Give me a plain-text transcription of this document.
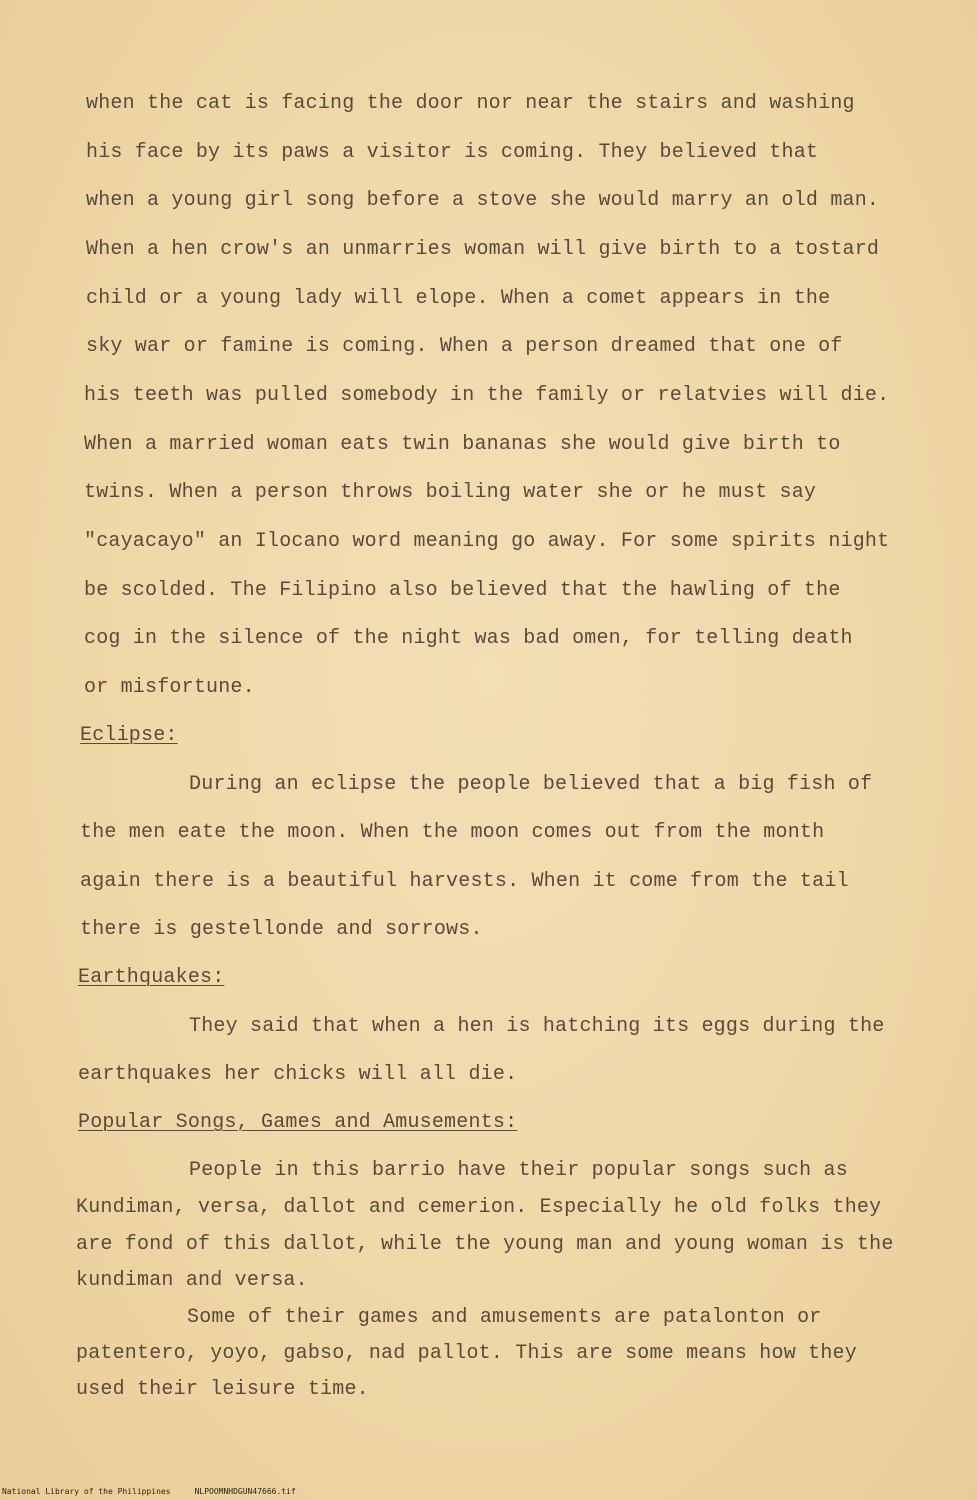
when the cat is facing the door nor near the stairs and washing
his face by its paws a visitor is coming. They believed that
when a young girl song before a stove she would marry an old man.
When a hen crow's an unmarries woman will give birth to a tostard
child or a young lady will elope. When a comet appears in the
sky war or famine is coming. When a person dreamed that one of
his teeth was pulled somebody in the family or relatvies will die.
When a married woman eats twin bananas she would give birth to
twins. When a person throws boiling water she or he must say
"cayacayo" an Ilocano word meaning go away. For some spirits night
be scolded. The Filipino also believed that the hawling of the
cog in the silence of the night was bad omen, for telling death
or misfortune.
Eclipse:
During an eclipse the people believed that a big fish of
the men eate the moon. When the moon comes out from the month
again there is a beautiful harvests. When it come from the tail
there is gestellonde and sorrows.
Earthquakes:
They said that when a hen is hatching its eggs during the
earthquakes her chicks will all die.
Popular Songs, Games and Amusements:
People in this barrio have their popular songs such as
Kundiman, versa, dallot and cemerion. Especially he old folks they
are fond of this dallot, while the young man and young woman is the
kundiman and versa.
Some of their games and amusements are patalonton or
patentero, yoyo, gabso, nad pallot. This are some means how they
used their leisure time.
National Library of the Philippines	NLPOOMNHDGUN47666.tif
